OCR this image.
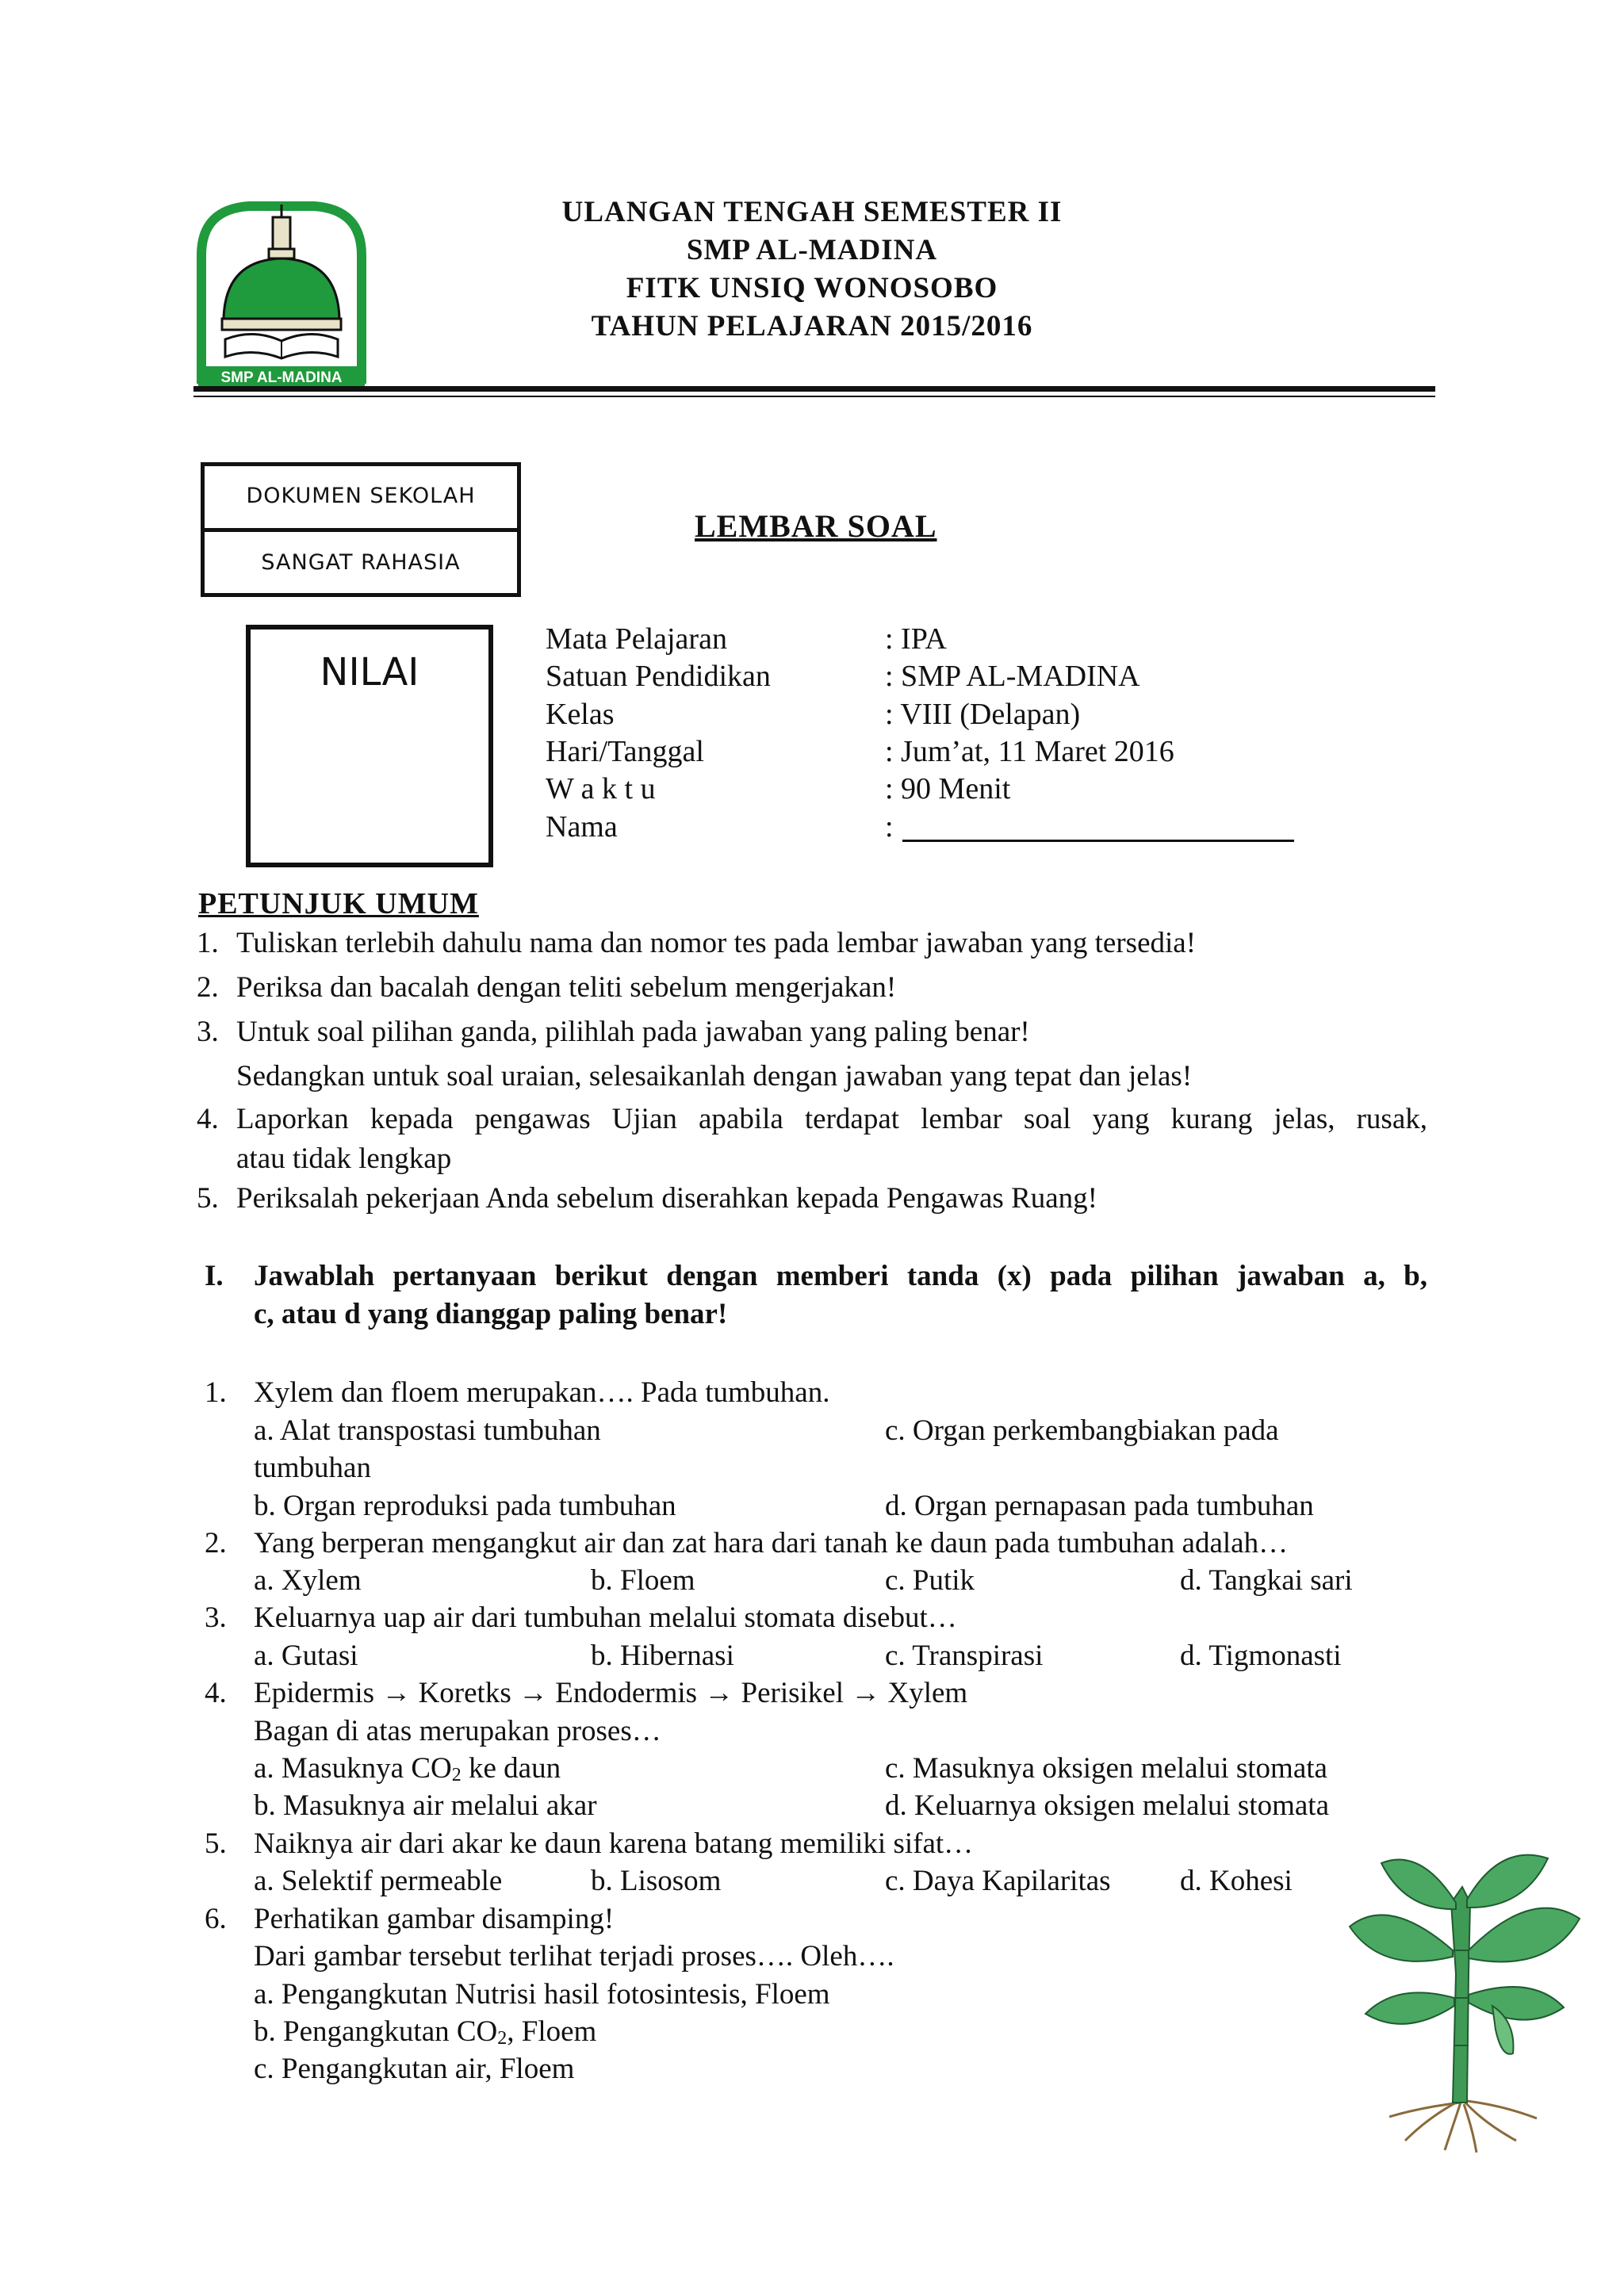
SMP AL-MADINA
ULANGAN TENGAH SEMESTER II
SMP AL-MADINA
FITK UNSIQ WONOSOBO
TAHUN PELAJARAN 2015/2016
DOKUMEN SEKOLAH
SANGAT RAHASIA
LEMBAR SOAL
NILAI
Mata Pelajaran	: IPA
Satuan Pendidikan	: SMP AL-MADINA
Kelas	: VIII (Delapan)
Hari/Tanggal	: Jum’at, 11 Maret 2016
W a k t u	: 90 Menit
Nama	:
PETUNJUK UMUM
1. Tuliskan terlebih dahulu nama dan nomor tes pada lembar jawaban yang tersedia!
2. Periksa dan bacalah dengan teliti sebelum mengerjakan!
3. Untuk soal pilihan ganda, pilihlah pada jawaban yang paling benar!
Sedangkan untuk soal uraian, selesaikanlah dengan jawaban yang tepat dan jelas!
4. Laporkan kepada pengawas Ujian apabila terdapat lembar soal yang kurang jelas, rusak,
atau tidak lengkap
5. Periksalah pekerjaan Anda sebelum diserahkan kepada Pengawas Ruang!
I. Jawablah pertanyaan berikut dengan memberi tanda (x) pada pilihan jawaban a, b,
c, atau d yang dianggap paling benar!
1. Xylem dan floem merupakan…. Pada tumbuhan.
a. Alat transpostasi tumbuhan	c. Organ perkembangbiakan pada
tumbuhan
b. Organ reproduksi pada tumbuhan	d. Organ pernapasan pada tumbuhan
2. Yang berperan mengangkut air dan zat hara dari tanah ke daun pada tumbuhan adalah…
a. Xylem	b. Floem	c. Putik	d. Tangkai sari
3. Keluarnya uap air dari tumbuhan melalui stomata disebut…
a. Gutasi	b. Hibernasi	c. Transpirasi	d. Tigmonasti
4. Epidermis → Koretks → Endodermis → Perisikel → Xylem
Bagan di atas merupakan proses…
a. Masuknya $CO_2$ ke daun	c. Masuknya oksigen melalui stomata
b. Masuknya air melalui akar	d. Keluarnya oksigen melalui stomata
5. Naiknya air dari akar ke daun karena batang memiliki sifat…
a. Selektif permeable	b. Lisosom	c. Daya Kapilaritas d. Kohesi
6. Perhatikan gambar disamping!
Dari gambar tersebut terlihat terjadi proses…. Oleh….
a. Pengangkutan Nutrisi hasil fotosintesis, Floem
b. Pengangkutan $CO_2$, Floem
c. Pengangkutan air, Floem
